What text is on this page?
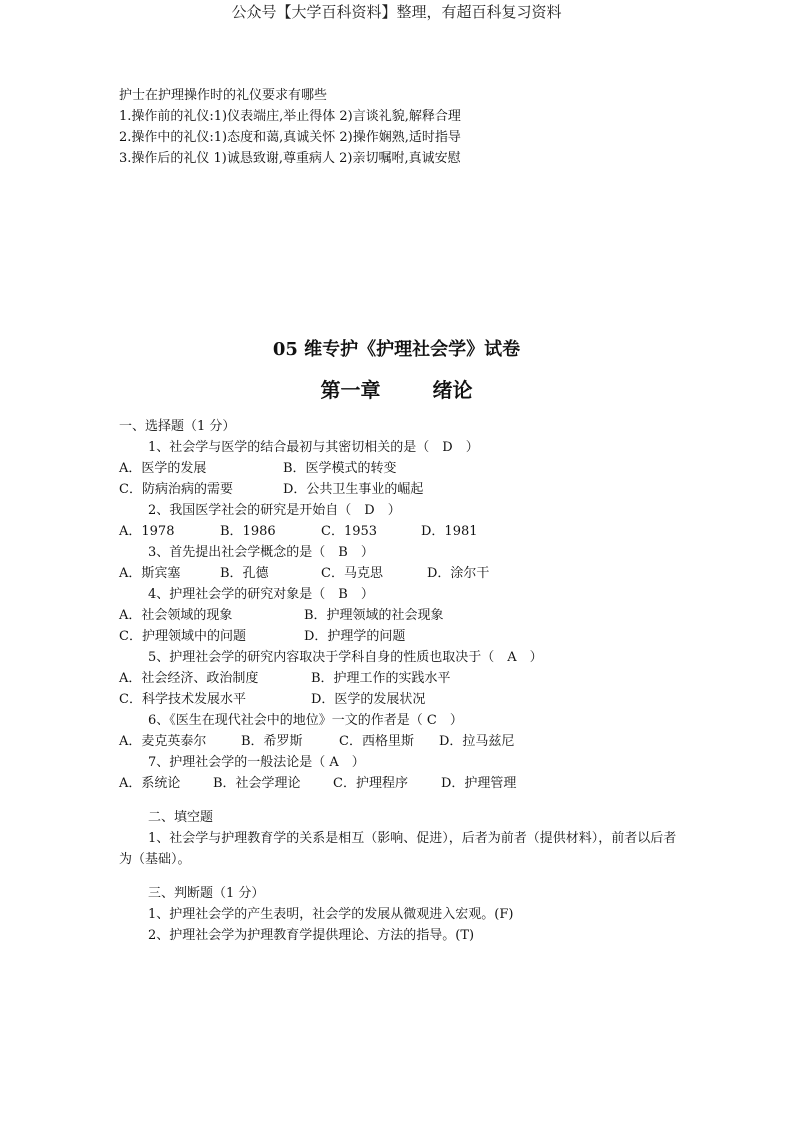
公众号【大学百科资料】整理，有超百科复习资料
护士在护理操作时的礼仪要求有哪些
1.操作前的礼仪:1)仪表端庄,举止得体 2)言谈礼貌,解释合理
2.操作中的礼仪:1)态度和蔼,真诚关怀 2)操作娴熟,适时指导
3.操作后的礼仪 1)诚恳致谢,尊重病人 2)亲切嘱咐,真诚安慰
05 维专护《护理社会学》试卷
第一章	绪论
一、选择题（1 分）
1、社会学与医学的结合最初与其密切相关的是（　D　）
A．医学的发展	B．医学模式的转变
C．防病治病的需要	D．公共卫生事业的崛起
2、我国医学社会的研究是开始自（　D　）
A．1978	B．1986	C．1953	D．1981
3、首先提出社会学概念的是（　B　）
A．斯宾塞	B．孔德	C．马克思	D．涂尔干
4、护理社会学的研究对象是（　B　）
A．社会领域的现象	B．护理领域的社会现象
C．护理领域中的问题	D．护理学的问题
5、护理社会学的研究内容取决于学科自身的性质也取决于（　A　）
A．社会经济、政治制度	B．护理工作的实践水平
C．科学技术发展水平	D．医学的发展状况
6、《医生在现代社会中的地位》一文的作者是（ C　）
A．麦克英泰尔	B．希罗斯	C．西格里斯 D．拉马兹尼
7、护理社会学的一般法论是（ A　）
A．系统论	B．社会学理论 C．护理程序	D．护理管理
二、填空题
1、社会学与护理教育学的关系是相互（影响、促进），后者为前者（提供材料），前者以后者为（基础）。
三、判断题（1 分）
1、护理社会学的产生表明，社会学的发展从微观进入宏观。(F)
2、护理社会学为护理教育学提供理论、方法的指导。(T)
